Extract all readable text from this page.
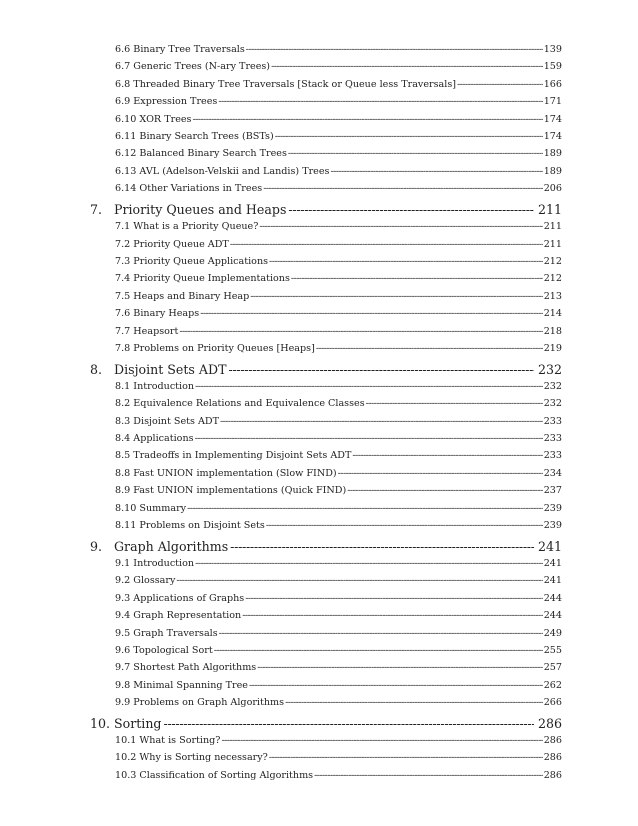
6.6 Binary Tree Traversals -----	139
6.7 Generic Trees (N-ary Trees) -----	159
6.8 Threaded Binary Tree Traversals [Stack or Queue less Traversals] -----	166
6.9 Expression Trees -----	171
6.10 XOR Trees -----	174
6.11 Binary Search Trees (BSTs) -----	174
6.12 Balanced Binary Search Trees -----	189
6.13 AVL (Adelson-Velskii and Landis) Trees -----	189
6.14 Other Variations in Trees -----	206
7. Priority Queues and Heaps -----	211
7.1 What is a Priority Queue? -----	211
7.2 Priority Queue ADT -----	211
7.3 Priority Queue Applications -----	212
7.4 Priority Queue Implementations -----	212
7.5 Heaps and Binary Heap -----	213
7.6 Binary Heaps -----	214
7.7 Heapsort -----	218
7.8 Problems on Priority Queues [Heaps] -----	219
8. Disjoint Sets ADT -----	232
8.1 Introduction -----	232
8.2 Equivalence Relations and Equivalence Classes -----	232
8.3 Disjoint Sets ADT -----	233
8.4 Applications -----	233
8.5 Tradeoffs in Implementing Disjoint Sets ADT -----	233
8.8 Fast UNION implementation (Slow FIND) -----	234
8.9 Fast UNION implementations (Quick FIND) -----	237
8.10 Summary -----	239
8.11 Problems on Disjoint Sets -----	239
9. Graph Algorithms -----	241
9.1 Introduction -----	241
9.2 Glossary -----	241
9.3 Applications of Graphs -----	244
9.4 Graph Representation -----	244
9.5 Graph Traversals -----	249
9.6 Topological Sort -----	255
9.7 Shortest Path Algorithms -----	257
9.8 Minimal Spanning Tree -----	262
9.9 Problems on Graph Algorithms -----	266
10. Sorting -----	286
10.1 What is Sorting? -----	286
10.2 Why is Sorting necessary? -----	286
10.3 Classification of Sorting Algorithms -----	286
